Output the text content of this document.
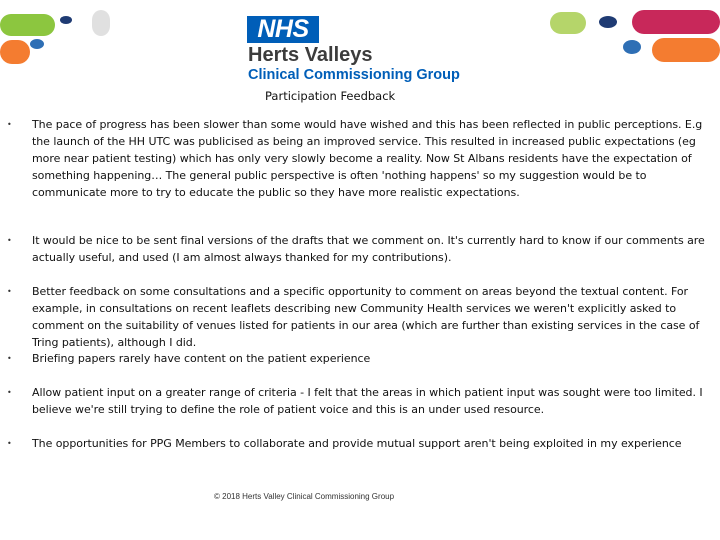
NHS
Herts Valleys
Clinical Commissioning Group
Participation Feedback
• The pace of progress has been slower than some would have wished and this has been reflected in public perceptions. E.g the launch of the HH UTC was publicised as being an improved service. This resulted in increased public expectations (eg more near patient testing) which has only very slowly become a reality. Now St Albans residents have the expectation of something happening… The general public perspective is often 'nothing happens' so my suggestion would be to communicate more to try to educate the public so they have more realistic expectations.
• It would be nice to be sent final versions of the drafts that we comment on. It's currently hard to know if our comments are actually useful, and used (I am almost always thanked for my contributions).
• Better feedback on some consultations and a specific opportunity to comment on areas beyond the textual content. For example, in consultations on recent leaflets describing new Community Health services we weren't explicitly asked to comment on the suitability of venues listed for patients in our area (which are further than existing services in the case of Tring patients), although I did.
• Briefing papers rarely have content on the patient experience
• Allow patient input on a greater range of criteria - I felt that the areas in which patient input was sought were too limited. I believe we're still trying to define the role of patient voice and this is an under used resource.
• The opportunities for PPG Members to collaborate and provide mutual support aren't being exploited in my experience
© 2018 Herts Valley Clinical Commissioning Group
